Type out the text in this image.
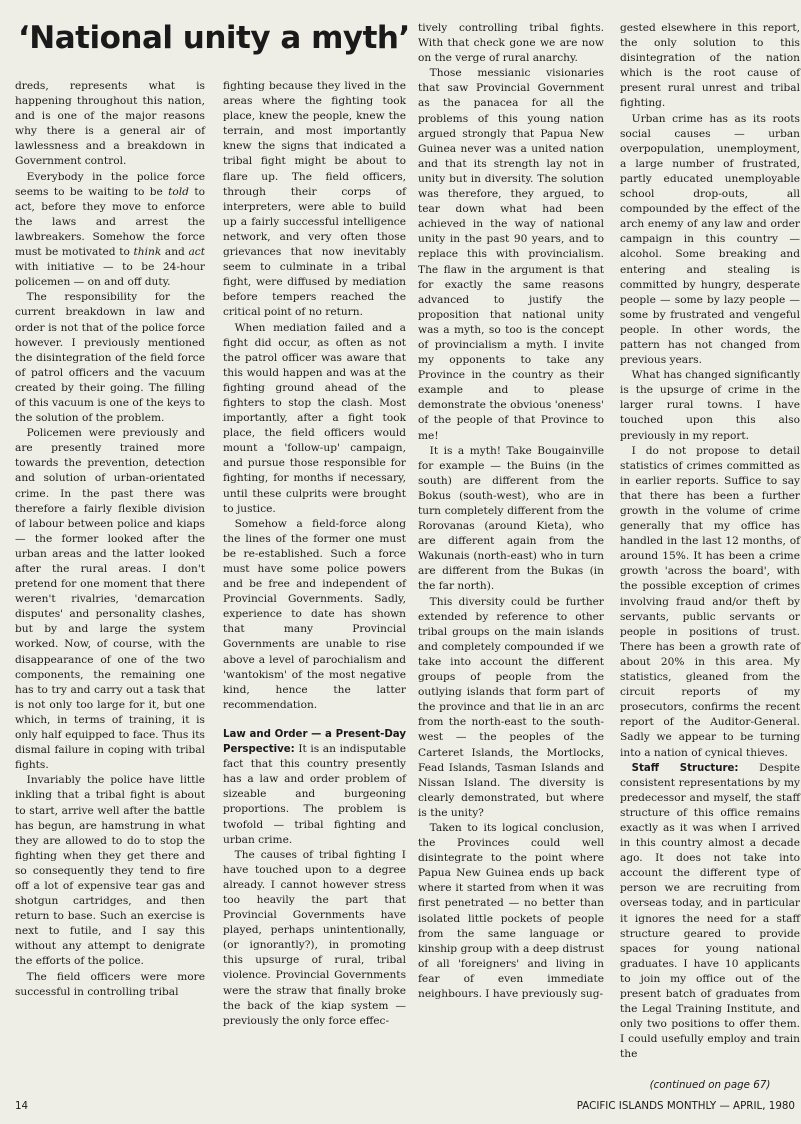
‘National unity a myth’

dreds, represents what is happening throughout this nation, and is one of the major reasons why there is a general air of lawlessness and a breakdown in Government control.

Everybody in the police force seems to be waiting to be told to act, before they move to enforce the laws and arrest the lawbreakers. Somehow the force must be motivated to think and act with initiative — to be 24-hour policemen — on and off duty.

The responsibility for the current breakdown in law and order is not that of the police force however. I previously mentioned the disintegration of the field force of patrol officers and the vacuum created by their going. The filling of this vacuum is one of the keys to the solution of the problem.

Policemen were previously and are presently trained more towards the prevention, detection and solution of urban-orientated crime. In the past there was therefore a fairly flexible division of labour between police and kiaps — the former looked after the urban areas and the latter looked after the rural areas. I don't pretend for one moment that there weren't rivalries, 'demarcation disputes' and personality clashes, but by and large the system worked. Now, of course, with the disappearance of one of the two components, the remaining one has to try and carry out a task that is not only too large for it, but one which, in terms of training, it is only half equipped to face. Thus its dismal failure in coping with tribal fights.

Invariably the police have little inkling that a tribal fight is about to start, arrive well after the battle has begun, are hamstrung in what they are allowed to do to stop the fighting when they get there and so consequently they tend to fire off a lot of expensive tear gas and shotgun cartridges, and then return to base. Such an exercise is next to futile, and I say this without any attempt to denigrate the efforts of the police.

The field officers were more successful in controlling tribal

fighting because they lived in the areas where the fighting took place, knew the people, knew the terrain, and most importantly knew the signs that indicated a tribal fight might be about to flare up. The field officers, through their corps of interpreters, were able to build up a fairly successful intelligence network, and very often those grievances that now inevitably seem to culminate in a tribal fight, were diffused by mediation before tempers reached the critical point of no return.

When mediation failed and a fight did occur, as often as not the patrol officer was aware that this would happen and was at the fighting ground ahead of the fighters to stop the clash. Most importantly, after a fight took place, the field officers would mount a 'follow-up' campaign, and pursue those responsible for fighting, for months if necessary, until these culprits were brought to justice.

Somehow a field-force along the lines of the former one must be re-established. Such a force must have some police powers and be free and independent of Provincial Governments. Sadly, experience to date has shown that many Provincial Governments are unable to rise above a level of parochialism and 'wantokism' of the most negative kind, hence the latter recommendation.

Law and Order — a Present-Day Perspective: It is an indisputable fact that this country presently has a law and order problem of sizeable and burgeoning proportions. The problem is twofold — tribal fighting and urban crime.

The causes of tribal fighting I have touched upon to a degree already. I cannot however stress too heavily the part that Provincial Governments have played, perhaps unintentionally, (or ignorantly?), in promoting this upsurge of rural, tribal violence. Provincial Governments were the straw that finally broke the back of the kiap system — previously the only force effec-

tively controlling tribal fights. With that check gone we are now on the verge of rural anarchy.

Those messianic visionaries that saw Provincial Government as the panacea for all the problems of this young nation argued strongly that Papua New Guinea never was a united nation and that its strength lay not in unity but in diversity. The solution was therefore, they argued, to tear down what had been achieved in the way of national unity in the past 90 years, and to replace this with provincialism. The flaw in the argument is that for exactly the same reasons advanced to justify the proposition that national unity was a myth, so too is the concept of provincialism a myth. I invite my opponents to take any Province in the country as their example and to please demonstrate the obvious 'oneness' of the people of that Province to me!

It is a myth! Take Bougainville for example — the Buins (in the south) are different from the Bokus (south-west), who are in turn completely different from the Rorovanas (around Kieta), who are different again from the Wakunais (north-east) who in turn are different from the Bukas (in the far north).

This diversity could be further extended by reference to other tribal groups on the main islands and completely compounded if we take into account the different groups of people from the outlying islands that form part of the province and that lie in an arc from the north-east to the south-west — the peoples of the Carteret Islands, the Mortlocks, Fead Islands, Tasman Islands and Nissan Island. The diversity is clearly demonstrated, but where is the unity?

Taken to its logical conclusion, the Provinces could well disintegrate to the point where Papua New Guinea ends up back where it started from when it was first penetrated — no better than isolated little pockets of people from the same language or kinship group with a deep distrust of all 'foreigners' and living in fear of even immediate neighbours. I have previously sug-

gested elsewhere in this report, the only solution to this disintegration of the nation which is the root cause of present rural unrest and tribal fighting.

Urban crime has as its roots social causes — urban overpopulation, unemployment, a large number of frustrated, partly educated unemployable school drop-outs, all compounded by the effect of the arch enemy of any law and order campaign in this country — alcohol. Some breaking and entering and stealing is committed by hungry, desperate people — some by lazy people — some by frustrated and vengeful people. In other words, the pattern has not changed from previous years.

What has changed significantly is the upsurge of crime in the larger rural towns. I have touched upon this also previously in my report.

I do not propose to detail statistics of crimes committed as in earlier reports. Suffice to say that there has been a further growth in the volume of crime generally that my office has handled in the last 12 months, of around 15%. It has been a crime growth 'across the board', with the possible exception of crimes involving fraud and/or theft by servants, public servants or people in positions of trust. There has been a growth rate of about 20% in this area. My statistics, gleaned from the circuit reports of my prosecutors, confirms the recent report of the Auditor-General. Sadly we appear to be turning into a nation of cynical thieves.

Staff Structure: Despite consistent representations by my predecessor and myself, the staff structure of this office remains exactly as it was when I arrived in this country almost a decade ago. It does not take into account the different type of person we are recruiting from overseas today, and in particular it ignores the need for a staff structure geared to provide spaces for young national graduates. I have 10 applicants to join my office out of the present batch of graduates from the Legal Training Institute, and only two positions to offer them. I could usefully employ and train the

(continued on page 67)
14	PACIFIC ISLANDS MONTHLY — APRIL, 1980
